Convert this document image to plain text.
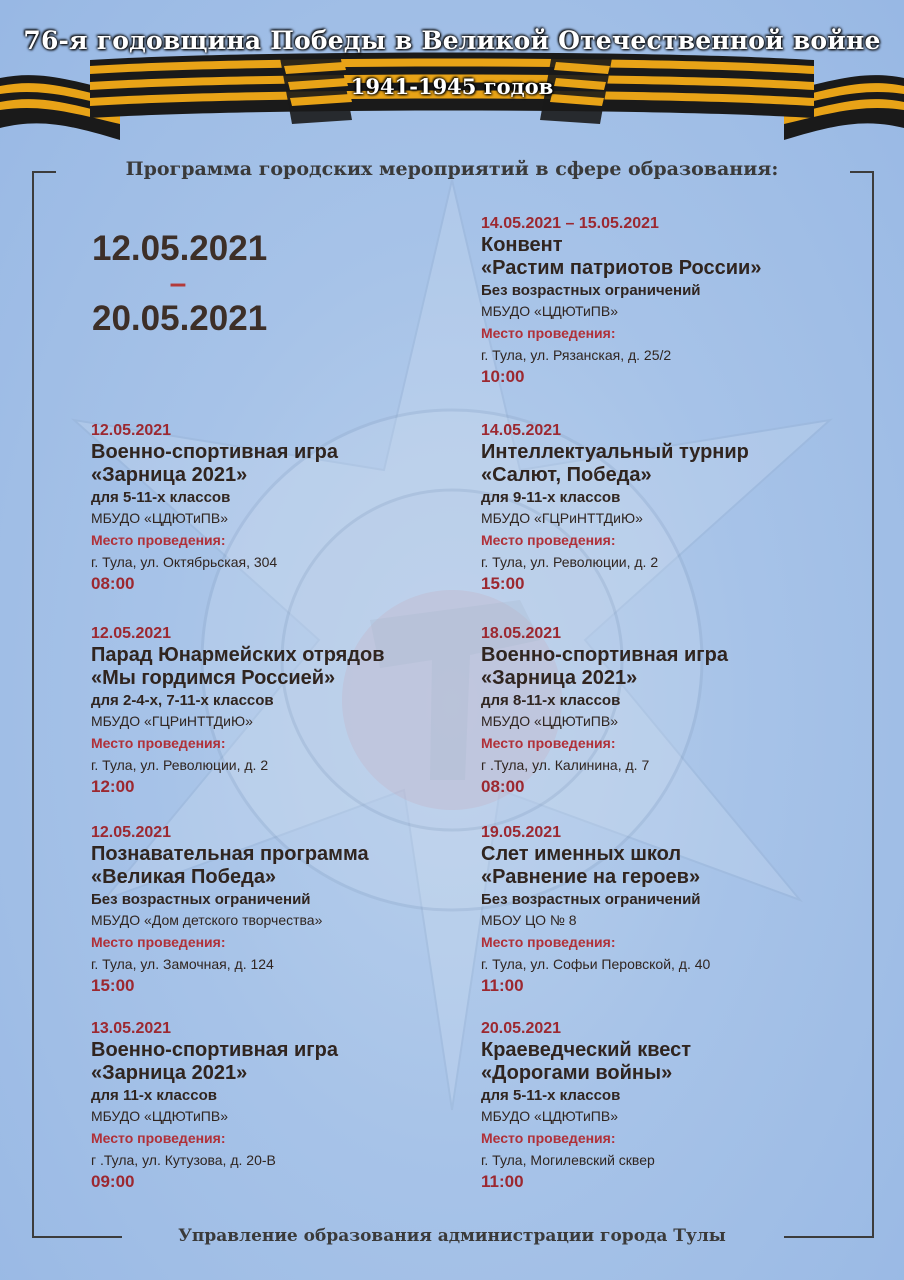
76-я годовщина Победы в Великой Отечественной войне
1941-1945 годов
Программа городских мероприятий в сфере образования:
12.05.2021
–
20.05.2021
14.05.2021 – 15.05.2021
Конвент
«Растим патриотов России»
Без возрастных ограничений
МБУДО «ЦДЮТиПВ»
Место проведения:
г. Тула, ул. Рязанская, д. 25/2
10:00
12.05.2021
Военно-спортивная игра
«Зарница 2021»
для 5-11-х классов
МБУДО «ЦДЮТиПВ»
Место проведения:
г. Тула, ул. Октябрьская, 304
08:00
14.05.2021
Интеллектуальный турнир
«Салют, Победа»
для 9-11-х классов
МБУДО «ГЦРиНТТДиЮ»
Место проведения:
г. Тула, ул. Революции, д. 2
15:00
12.05.2021
Парад Юнармейских отрядов
«Мы гордимся Россией»
для 2-4-х, 7-11-х классов
МБУДО «ГЦРиНТТДиЮ»
Место проведения:
г. Тула, ул. Революции, д. 2
12:00
18.05.2021
Военно-спортивная игра
«Зарница 2021»
для 8-11-х классов
МБУДО «ЦДЮТиПВ»
Место проведения:
г .Тула, ул. Калинина, д. 7
08:00
12.05.2021
Познавательная программа
«Великая Победа»
Без возрастных ограничений
МБУДО «Дом детского творчества»
Место проведения:
г. Тула, ул. Замочная, д. 124
15:00
19.05.2021
Слет именных школ
«Равнение на героев»
Без возрастных ограничений
МБОУ ЦО № 8
Место проведения:
г. Тула, ул. Софьи Перовской, д. 40
11:00
13.05.2021
Военно-спортивная игра
«Зарница 2021»
для 11-х классов
МБУДО «ЦДЮТиПВ»
Место проведения:
г .Тула, ул. Кутузова, д. 20-В
09:00
20.05.2021
Краеведческий квест
«Дорогами войны»
для 5-11-х классов
МБУДО «ЦДЮТиПВ»
Место проведения:
г. Тула, Могилевский сквер
11:00
Управление образования администрации города Тулы
